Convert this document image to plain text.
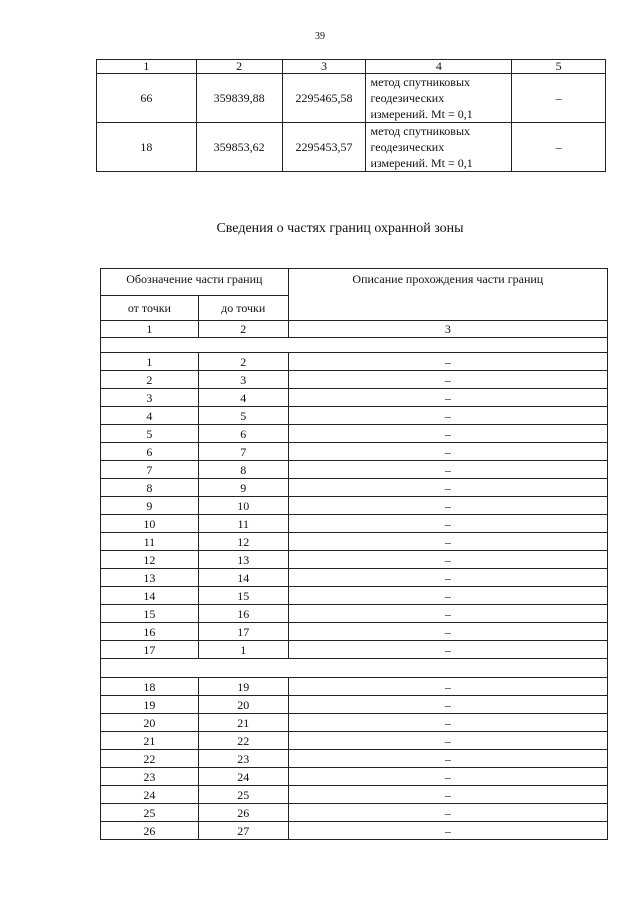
39
1	2	3	4	5
66	359839,88	2295465,58	метод спутниковых
геодезических
измерений. Mt = 0,1	–
18	359853,62	2295453,57	метод спутниковых
геодезических
измерений. Mt = 0,1	–
Сведения о частях границ охранной зоны
Обозначение части границ		Описание прохождения части границ
от точки	до точки	
1	2	3

1	2	–
2	3	–
3	4	–
4	5	–
5	6	–
6	7	–
7	8	–
8	9	–
9	10	–
10	11	–
11	12	–
12	13	–
13	14	–
14	15	–
15	16	–
16	17	–
17	1	–

18	19	–
19	20	–
20	21	–
21	22	–
22	23	–
23	24	–
24	25	–
25	26	–
26	27	–
